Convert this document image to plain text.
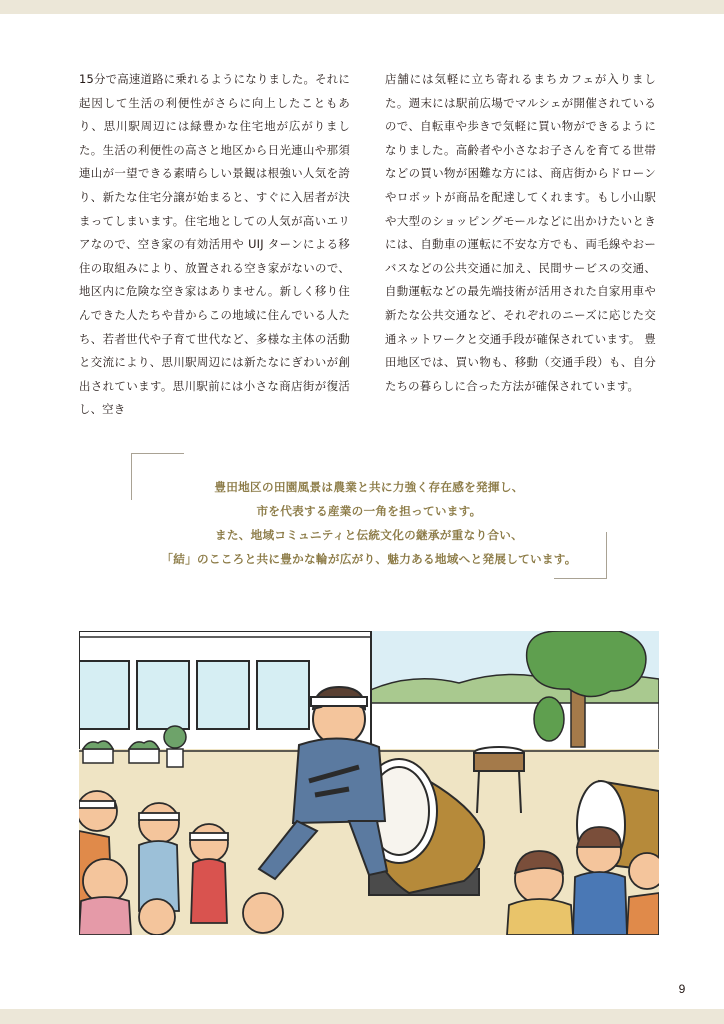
15分で高速道路に乗れるようになりました。それに起因して生活の利便性がさらに向上したこともあり、思川駅周辺には緑豊かな住宅地が広がりました。生活の利便性の高さと地区から日光連山や那須連山が一望できる素晴らしい景観は根強い人気を誇り、新たな住宅分譲が始まると、すぐに入居者が決まってしまいます。住宅地としての人気が高いエリアなので、空き家の有効活用や UIJ ターンによる移住の取組みにより、放置される空き家がないので、地区内に危険な空き家はありません。新しく移り住んできた人たちや昔からこの地域に住んでいる人たち、若者世代や子育て世代など、多様な主体の活動と交流により、思川駅周辺には新たなにぎわいが創出されています。思川駅前には小さな商店街が復活し、空き
店舗には気軽に立ち寄れるまちカフェが入りました。週末には駅前広場でマルシェが開催されているので、自転車や歩きで気軽に買い物ができるようになりました。高齢者や小さなお子さんを育てる世帯などの買い物が困難な方には、商店街からドローンやロボットが商品を配達してくれます。もし小山駅や大型のショッピングモールなどに出かけたいときには、自動車の運転に不安な方でも、両毛線やおーバスなどの公共交通に加え、民間サービスの交通、自動運転などの最先端技術が活用された自家用車や新たな公共交通など、それぞれのニーズに応じた交通ネットワークと交通手段が確保されています。 豊田地区では、買い物も、移動（交通手段）も、自分たちの暮らしに合った方法が確保されています。
豊田地区の田園風景は農業と共に力強く存在感を発揮し、
市を代表する産業の一角を担っています。
また、地域コミュニティと伝統文化の継承が重なり合い、
「結」のこころと共に豊かな輪が広がり、魅力ある地域へと発展しています。
9
